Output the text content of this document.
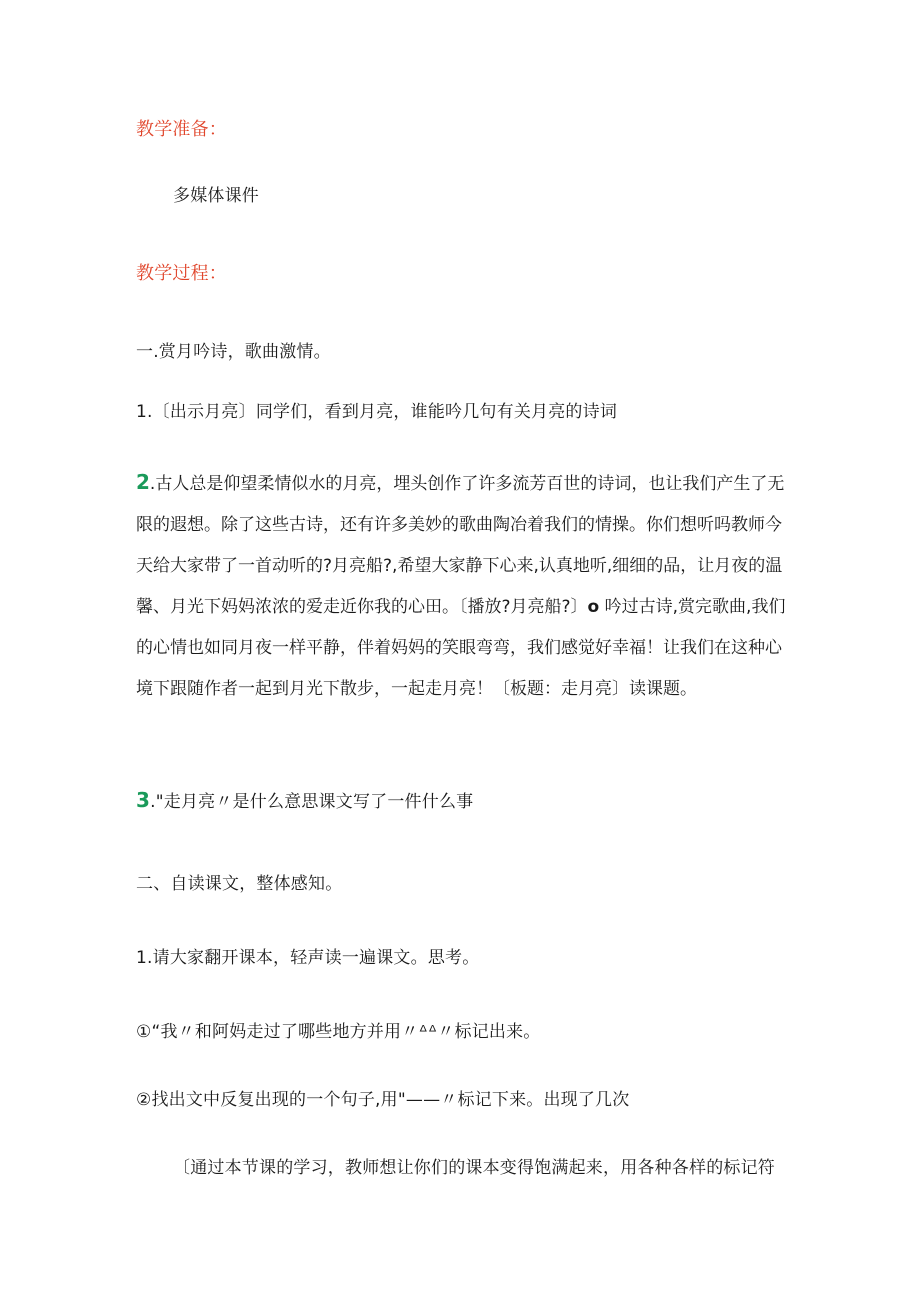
教学准备：
多媒体课件
教学过程：
一.赏月吟诗，歌曲激情。
1.〔出示月亮〕同学们，看到月亮，谁能吟几句有关月亮的诗词

2.古人总是仰望柔情似水的月亮，埋头创作了许多流芳百世的诗词，也让我们产生了无

限的遐想。除了这些古诗，还有许多美妙的歌曲陶冶着我们的情操。你们想听吗教师今

天给大家带了一首动听的?月亮船?,希望大家静下心来,认真地听,细细的品，让月夜的温

馨、月光下妈妈浓浓的爱走近你我的心田。〔播放?月亮船?〕o 吟过古诗,赏完歌曲,我们

的心情也如同月夜一样平静，伴着妈妈的笑眼弯弯，我们感觉好幸福！让我们在这种心

境下跟随作者一起到月光下散步，一起走月亮！〔板题：走月亮〕读课题。

3."走月亮〃是什么意思课文写了一件什么事
二、自读课文，整体感知。
1.请大家翻开课本，轻声读一遍课文。思考。
①“我〃和阿妈走过了哪些地方并用〃ᐞᐞ〃标记出来。
②找出文中反复出现的一个句子,用"——〃标记下来。出现了几次
〔通过本节课的学习，教师想让你们的课本变得饱满起来，用各种各样的标记符
